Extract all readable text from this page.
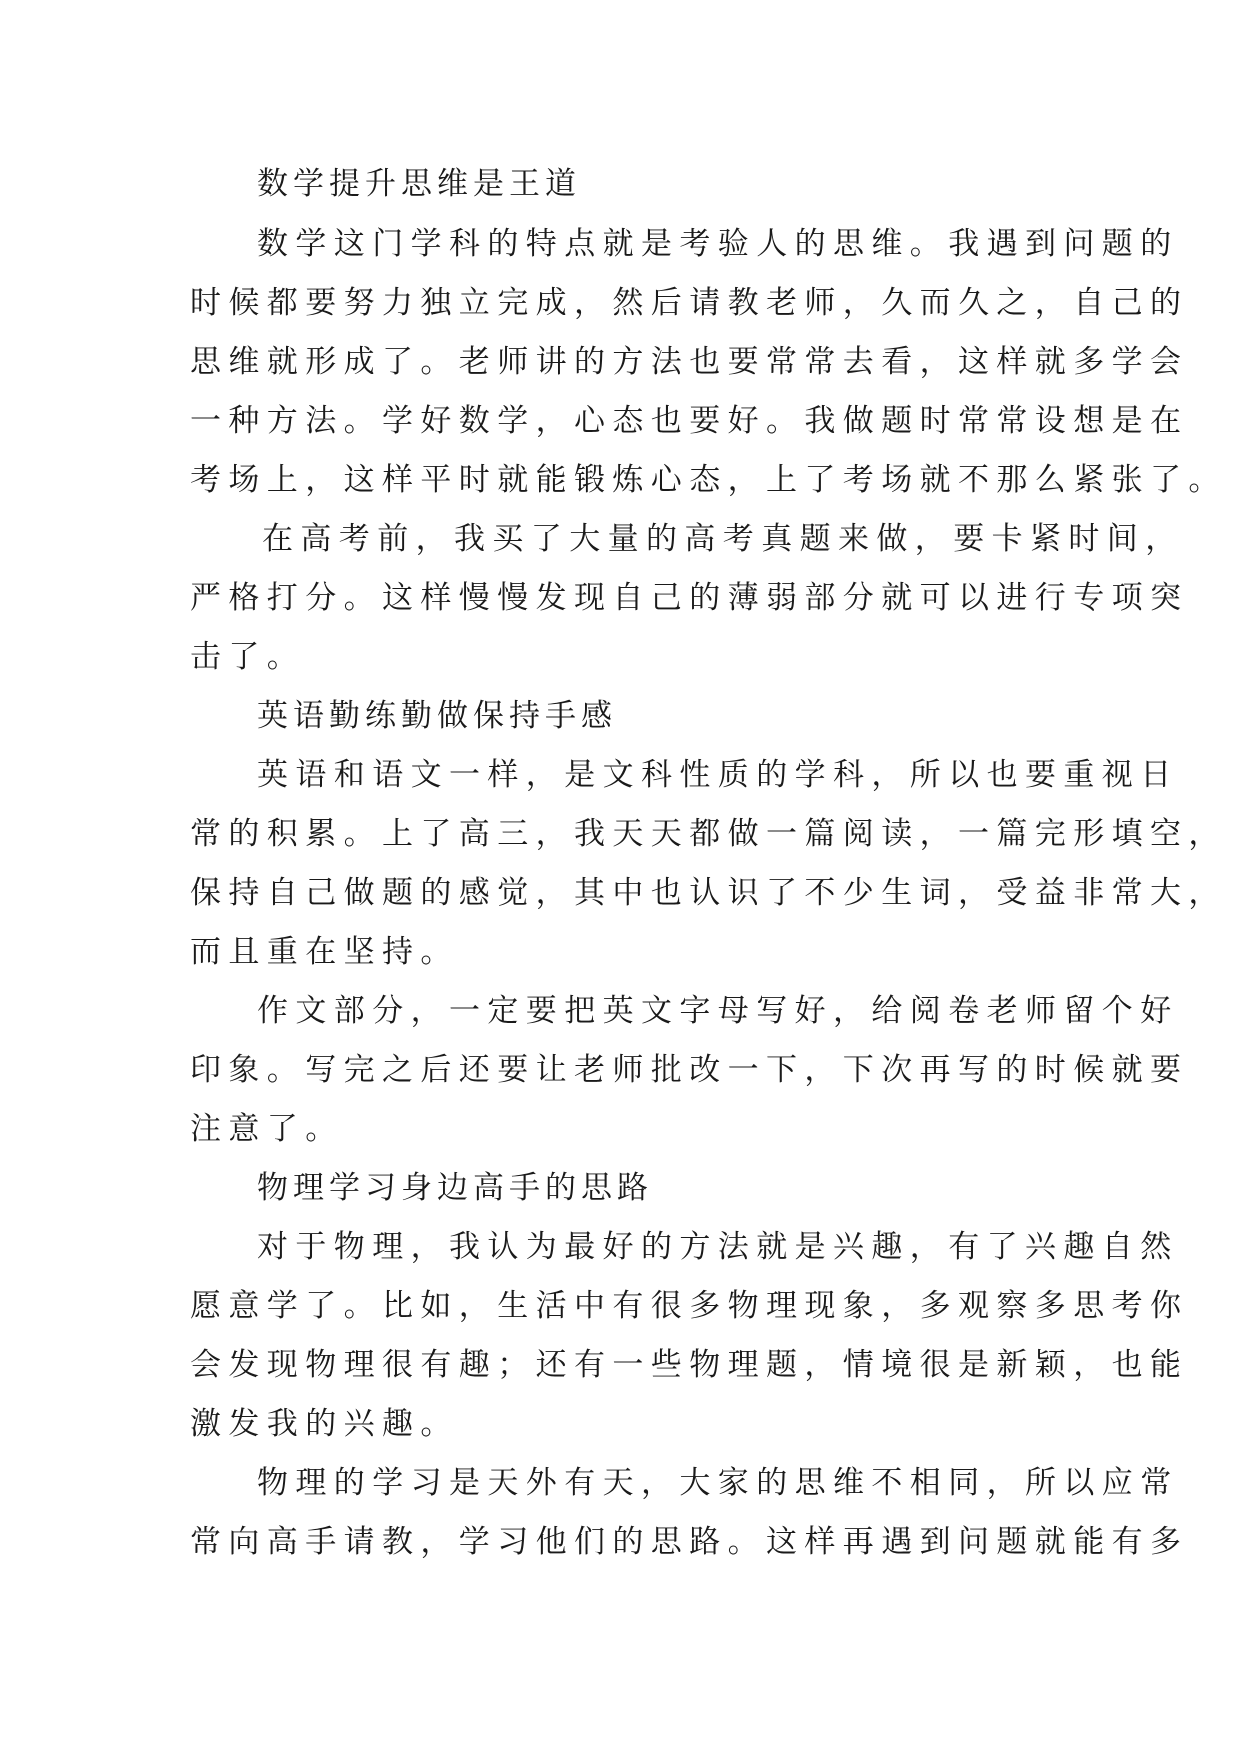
数学提升思维是王道
数学这门学科的特点就是考验人的思维。我遇到问题的
时候都要努力独立完成，然后请教老师，久而久之，自己的
思维就形成了。老师讲的方法也要常常去看，这样就多学会
一种方法。学好数学，心态也要好。我做题时常常设想是在
考场上，这样平时就能锻炼心态，上了考场就不那么紧张了。
在高考前，我买了大量的高考真题来做，要卡紧时间，
严格打分。这样慢慢发现自己的薄弱部分就可以进行专项突
击了。
英语勤练勤做保持手感
英语和语文一样，是文科性质的学科，所以也要重视日
常的积累。上了高三，我天天都做一篇阅读，一篇完形填空，
保持自己做题的感觉，其中也认识了不少生词，受益非常大，
而且重在坚持。
作文部分，一定要把英文字母写好，给阅卷老师留个好
印象。写完之后还要让老师批改一下，下次再写的时候就要
注意了。
物理学习身边高手的思路
对于物理，我认为最好的方法就是兴趣，有了兴趣自然
愿意学了。比如，生活中有很多物理现象，多观察多思考你
会发现物理很有趣；还有一些物理题，情境很是新颖，也能
激发我的兴趣。
物理的学习是天外有天，大家的思维不相同，所以应常
常向高手请教，学习他们的思路。这样再遇到问题就能有多
